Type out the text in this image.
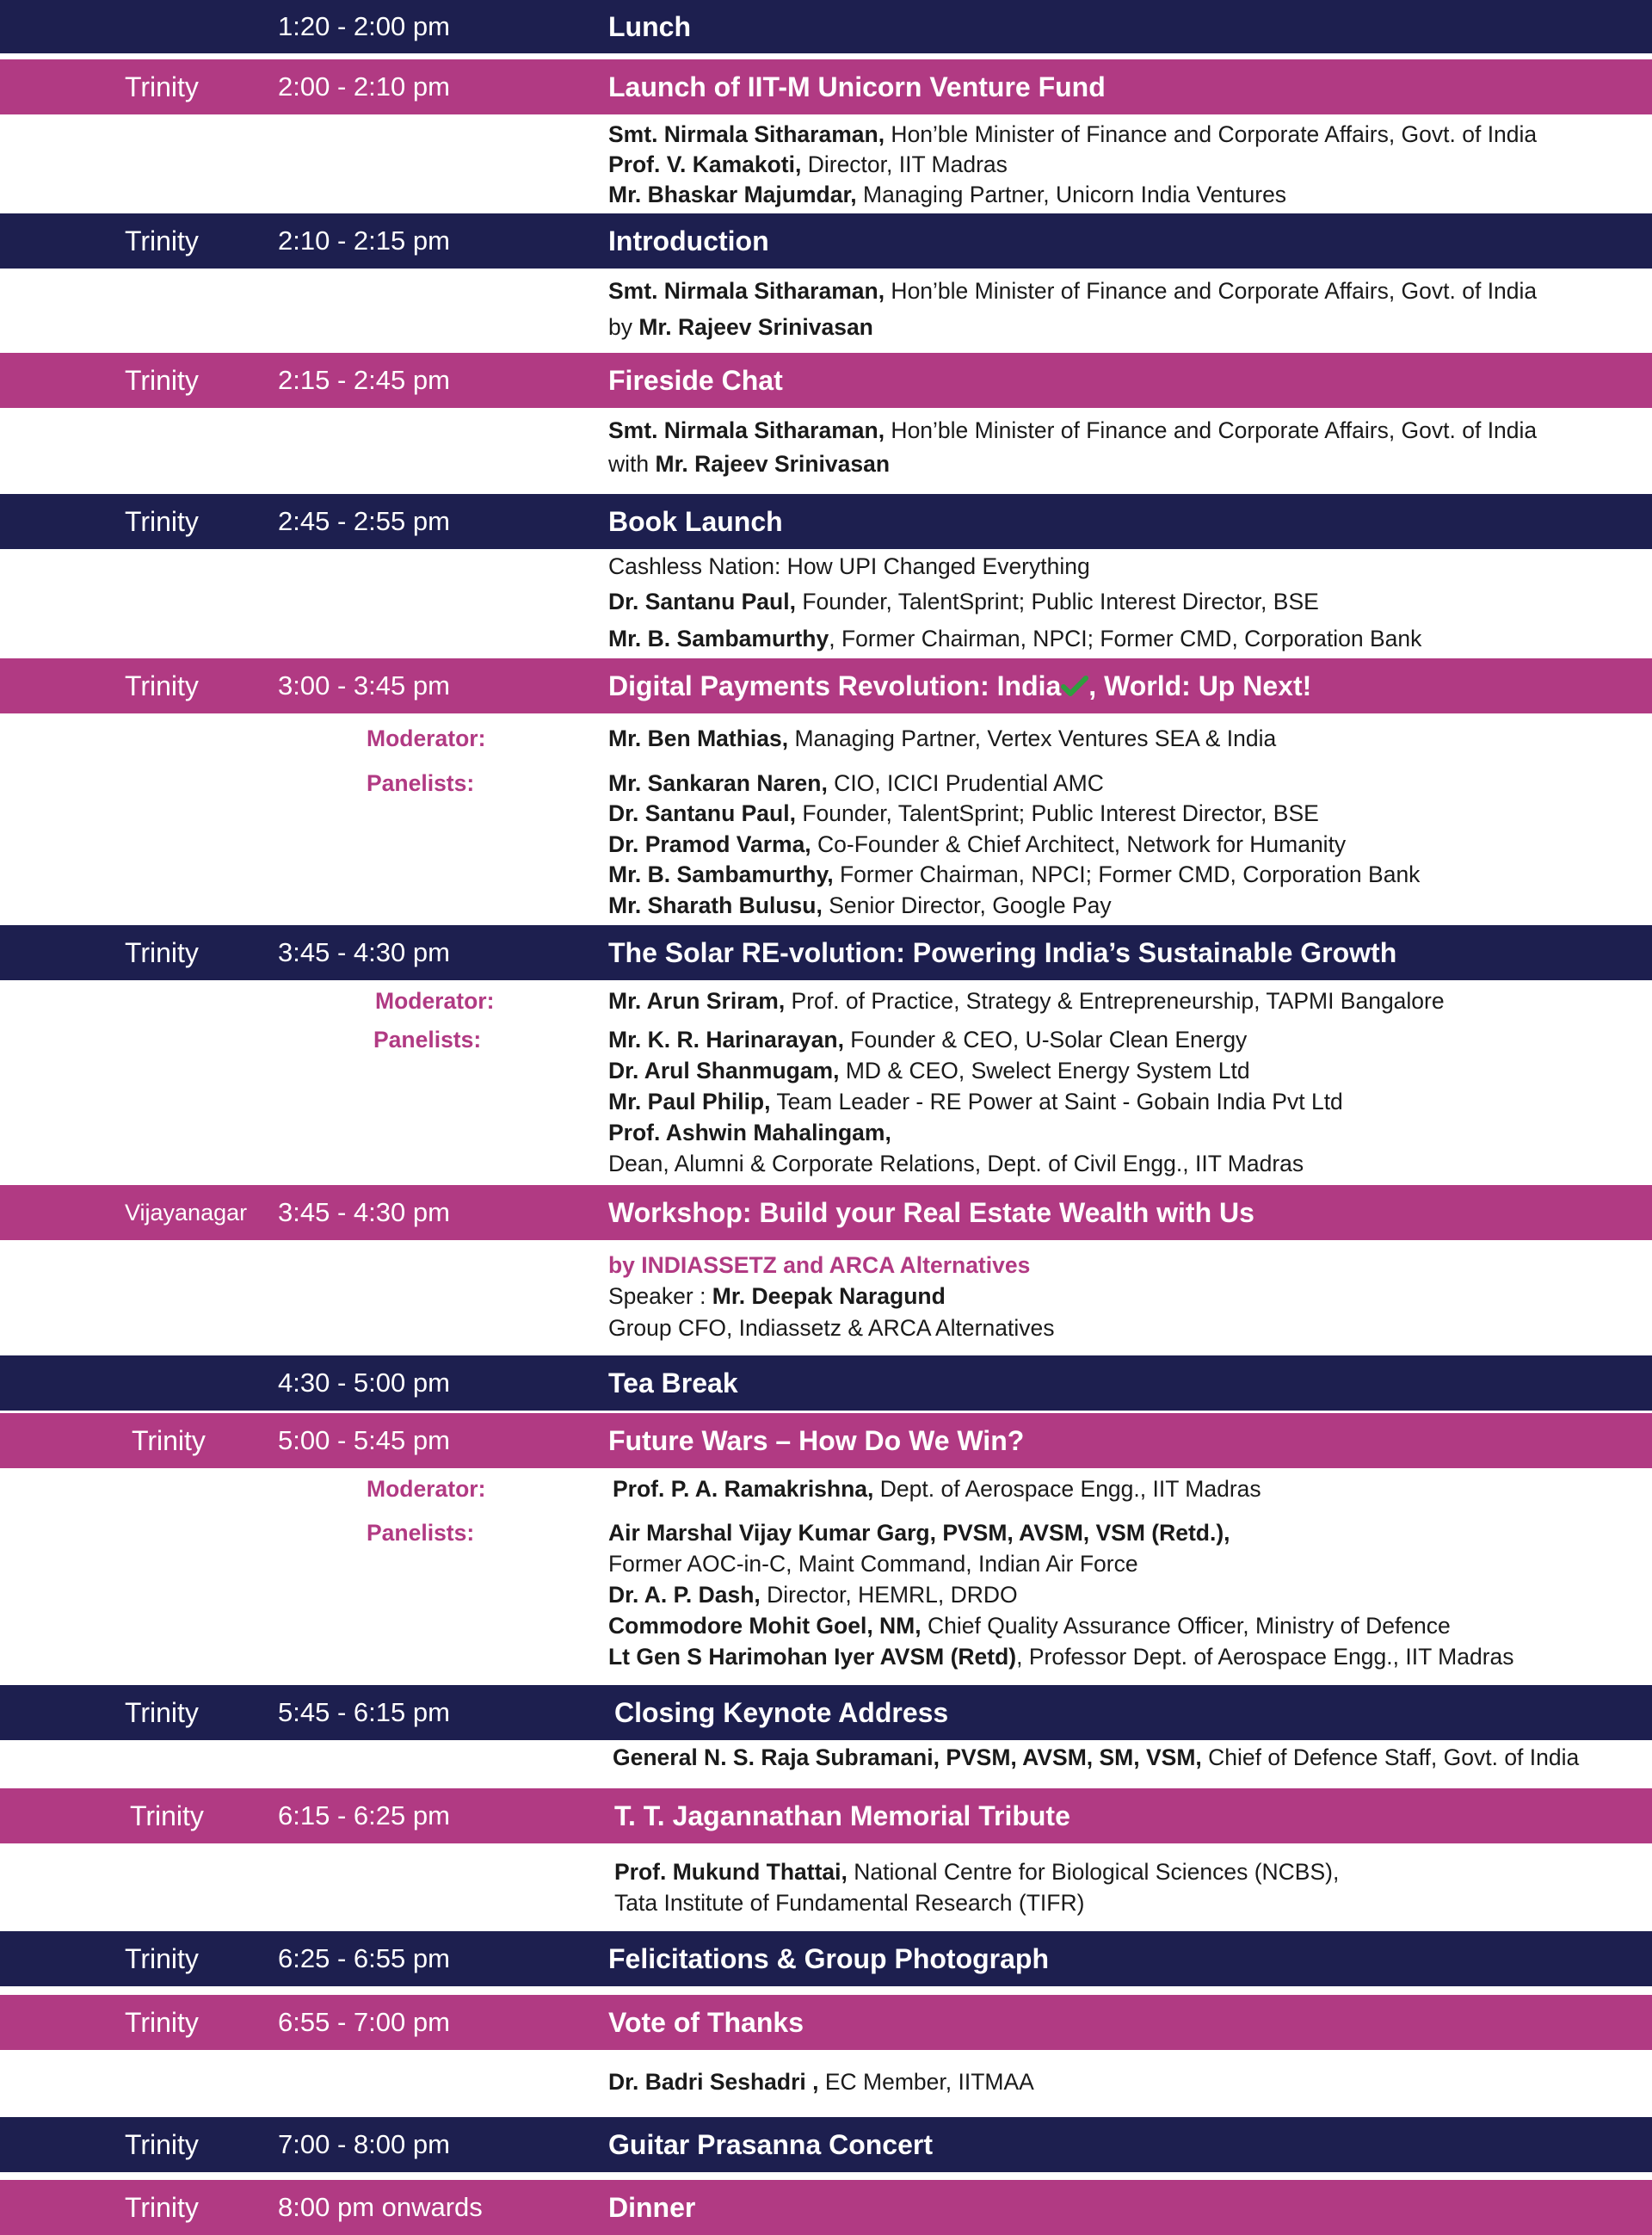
1:20 - 2:00 pm	Lunch
Trinity	2:00 - 2:10 pm	Launch of IIT-M Unicorn Venture Fund
Smt. Nirmala Sitharaman, Hon’ble Minister of Finance and Corporate Affairs, Govt. of India
Prof. V. Kamakoti, Director, IIT Madras
Mr. Bhaskar Majumdar, Managing Partner, Unicorn India Ventures
Trinity	2:10 - 2:15 pm	Introduction
Smt. Nirmala Sitharaman, Hon’ble Minister of Finance and Corporate Affairs, Govt. of India
by Mr. Rajeev Srinivasan
Trinity	2:15 - 2:45 pm	Fireside Chat
Smt. Nirmala Sitharaman, Hon’ble Minister of Finance and Corporate Affairs, Govt. of India
with Mr. Rajeev Srinivasan
Trinity	2:45 - 2:55 pm	Book Launch
Cashless Nation: How UPI Changed Everything
Dr. Santanu Paul, Founder, TalentSprint; Public Interest Director, BSE
Mr. B. Sambamurthy, Former Chairman, NPCI; Former CMD, Corporation Bank
Trinity	3:00 - 3:45 pm	Digital Payments Revolution: India , World: Up Next!
Moderator:	Mr. Ben Mathias, Managing Partner, Vertex Ventures SEA & India
Panelists:	Mr. Sankaran Naren, CIO, ICICI Prudential AMC
Dr. Santanu Paul, Founder, TalentSprint; Public Interest Director, BSE
Dr. Pramod Varma, Co-Founder & Chief Architect, Network for Humanity
Mr. B. Sambamurthy, Former Chairman, NPCI; Former CMD, Corporation Bank
Mr. Sharath Bulusu, Senior Director, Google Pay
Trinity	3:45 - 4:30 pm	The Solar RE-volution: Powering India’s Sustainable Growth
Moderator:	Mr. Arun Sriram, Prof. of Practice, Strategy & Entrepreneurship, TAPMI Bangalore
Panelists:	Mr. K. R. Harinarayan, Founder & CEO, U-Solar Clean Energy
Dr. Arul Shanmugam, MD & CEO, Swelect Energy System Ltd
Mr. Paul Philip, Team Leader - RE Power at Saint - Gobain India Pvt Ltd
Prof. Ashwin Mahalingam,
Dean, Alumni & Corporate Relations, Dept. of Civil Engg., IIT Madras
Vijayanagar 3:45 - 4:30 pm	Workshop: Build your Real Estate Wealth with Us
by INDIASSETZ and ARCA Alternatives
Speaker : Mr. Deepak Naragund
Group CFO, Indiassetz & ARCA Alternatives
4:30 - 5:00 pm	Tea Break
Trinity	5:00 - 5:45 pm	Future Wars – How Do We Win?
Moderator:	Prof. P. A. Ramakrishna, Dept. of Aerospace Engg., IIT Madras
Panelists:	Air Marshal Vijay Kumar Garg, PVSM, AVSM, VSM (Retd.),
Former AOC-in-C, Maint Command, Indian Air Force
Dr. A. P. Dash, Director, HEMRL, DRDO
Commodore Mohit Goel, NM, Chief Quality Assurance Officer, Ministry of Defence
Lt Gen S Harimohan Iyer AVSM (Retd), Professor Dept. of Aerospace Engg., IIT Madras
Trinity	5:45 - 6:15 pm	Closing Keynote Address
General N. S. Raja Subramani, PVSM, AVSM, SM, VSM, Chief of Defence Staff, Govt. of India
Trinity	6:15 - 6:25 pm	T. T. Jagannathan Memorial Tribute
Prof. Mukund Thattai, National Centre for Biological Sciences (NCBS),
Tata Institute of Fundamental Research (TIFR)
Trinity	6:25 - 6:55 pm	Felicitations & Group Photograph
Trinity	6:55 - 7:00 pm	Vote of Thanks
Dr. Badri Seshadri , EC Member, IITMAA
Trinity	7:00 - 8:00 pm	Guitar Prasanna Concert
Trinity	8:00 pm onwards	Dinner
